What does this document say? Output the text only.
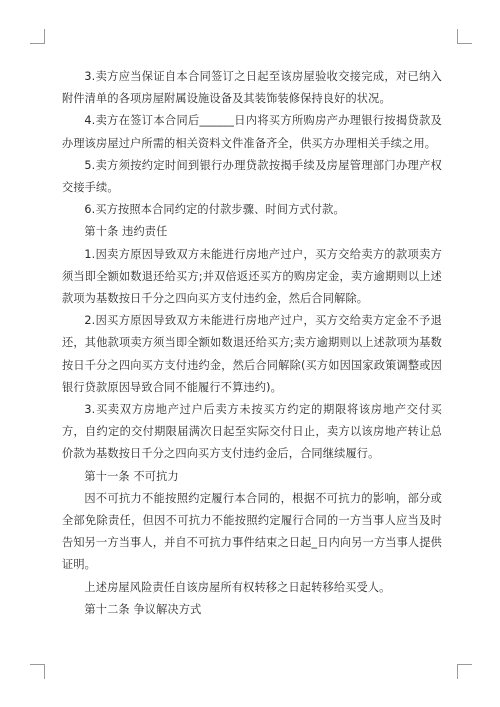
3.卖方应当保证自本合同签订之日起至该房屋验收交接完成，对已纳入附件清单的各项房屋附属设施设备及其装饰装修保持良好的状况。

4.卖方在签订本合同后______日内将买方所购房产办理银行按揭贷款及办理该房屋过户所需的相关资料文件准备齐全，供买方办理相关手续之用。

5.卖方须按约定时间到银行办理贷款按揭手续及房屋管理部门办理产权交接手续。

6.买方按照本合同约定的付款步骤、时间方式付款。

第十条 违约责任

1.因卖方原因导致双方未能进行房地产过户，买方交给卖方的款项卖方须当即全额如数退还给买方;并双倍返还买方的购房定金，卖方逾期则以上述款项为基数按日千分之四向买方支付违约金，然后合同解除。

2.因买方原因导致双方未能进行房地产过户，买方交给卖方定金不予退还，其他款项卖方须当即全额如数退还给买方;卖方逾期则以上述款项为基数按日千分之四向买方支付违约金，然后合同解除(买方如因国家政策调整或因银行贷款原因导致合同不能履行不算违约)。

3.买卖双方房地产过户后卖方未按买方约定的期限将该房地产交付买方，自约定的交付期限届满次日起至实际交付日止，卖方以该房地产转让总价款为基数按日千分之四向买方支付违约金后，合同继续履行。

第十一条 不可抗力

因不可抗力不能按照约定履行本合同的，根据不可抗力的影响，部分或全部免除责任，但因不可抗力不能按照约定履行合同的一方当事人应当及时告知另一方当事人，并自不可抗力事件结束之日起_日内向另一方当事人提供证明。

上述房屋风险责任自该房屋所有权转移之日起转移给买受人。

第十二条 争议解决方式
